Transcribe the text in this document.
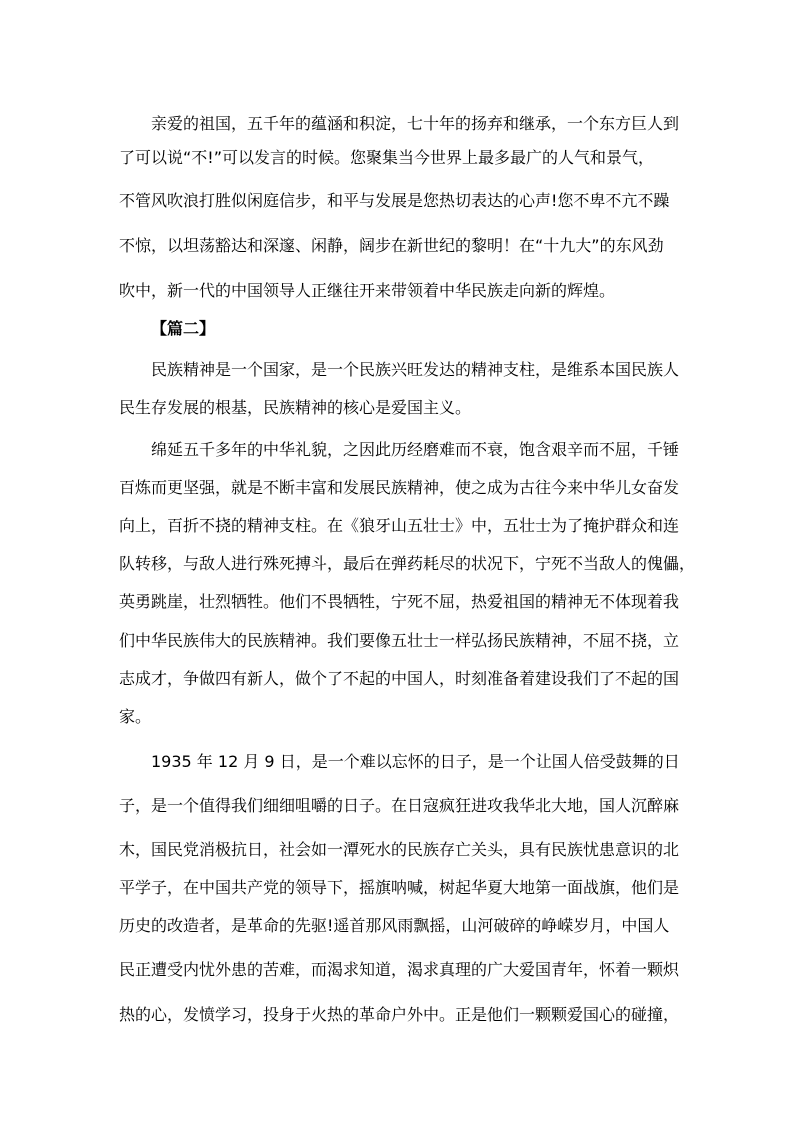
亲爱的祖国，五千年的蕴涵和积淀，七十年的扬弃和继承，一个东方巨人到
了可以说“不!”可以发言的时候。您聚集当今世界上最多最广的人气和景气，
不管风吹浪打胜似闲庭信步，和平与发展是您热切表达的心声!您不卑不亢不躁
不惊，以坦荡豁达和深邃、闲静，阔步在新世纪的黎明！在“十九大”的东风劲
吹中，新一代的中国领导人正继往开来带领着中华民族走向新的辉煌。
【篇二】
民族精神是一个国家，是一个民族兴旺发达的精神支柱，是维系本国民族人
民生存发展的根基，民族精神的核心是爱国主义。
绵延五千多年的中华礼貌，之因此历经磨难而不衰，饱含艰辛而不屈，千锤
百炼而更坚强，就是不断丰富和发展民族精神，使之成为古往今来中华儿女奋发
向上，百折不挠的精神支柱。在《狼牙山五壮士》中，五壮士为了掩护群众和连
队转移，与敌人进行殊死搏斗，最后在弹药耗尽的状况下，宁死不当敌人的傀儡，
英勇跳崖，壮烈牺牲。他们不畏牺牲，宁死不屈，热爱祖国的精神无不体现着我
们中华民族伟大的民族精神。我们要像五壮士一样弘扬民族精神，不屈不挠，立
志成才，争做四有新人，做个了不起的中国人，时刻准备着建设我们了不起的国
家。
1935 年 12 月 9 日，是一个难以忘怀的日子，是一个让国人倍受鼓舞的日
子，是一个值得我们细细咀嚼的日子。在日寇疯狂进攻我华北大地，国人沉醉麻
木，国民党消极抗日，社会如一潭死水的民族存亡关头，具有民族忧患意识的北
平学子，在中国共产党的领导下，摇旗呐喊，树起华夏大地第一面战旗，他们是
历史的改造者，是革命的先驱!遥首那风雨飘摇，山河破碎的峥嵘岁月，中国人
民正遭受内忧外患的苦难，而渴求知道，渴求真理的广大爱国青年，怀着一颗炽
热的心，发愤学习，投身于火热的革命户外中。正是他们一颗颗爱国心的碰撞，
